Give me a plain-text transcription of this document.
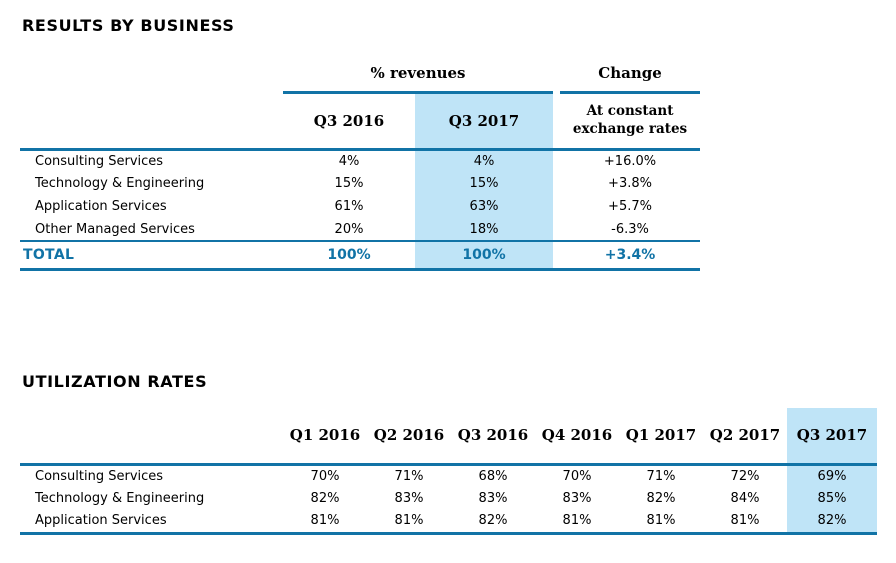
RESULTS BY BUSINESS
	% revenues			Change
	Q3 2016	Q3 2017		At constant exchange rates
Consulting Services	4%	4%		+16.0%
Technology & Engineering	15%	15%		+3.8%
Application Services	61%	63%		+5.7%
Other Managed Services	20%	18%		-6.3%
TOTAL	100%	100%		+3.4%
UTILIZATION RATES
	Q1 2016	Q2 2016	Q3 2016	Q4 2016	Q1 2017	Q2 2017	Q3 2017
Consulting Services	70%	71%	68%	70%	71%	72%	69%
Technology & Engineering	82%	83%	83%	83%	82%	84%	85%
Application Services	81%	81%	82%	81%	81%	81%	82%
